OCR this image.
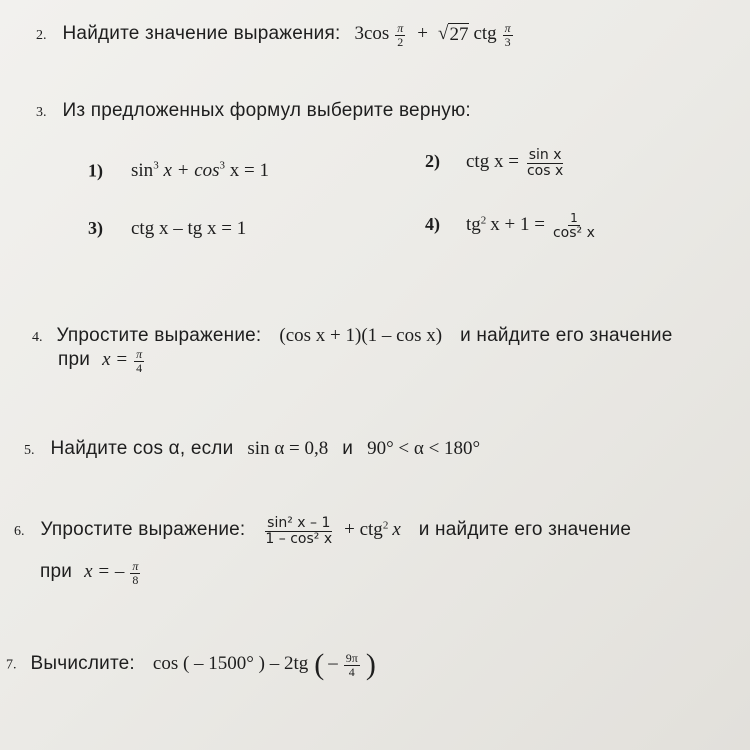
2. Найдите значение выражения: $3\cos \frac{\pi}{2}$ + √ 27 ctg $\frac{\pi}{3}$
3. Из предложенных формул выберите верную:
1) $\sin^3 x + \cos^3 x = 1$	2) ctg $x = \frac{\text{sin x}}{\text{cos x}}$
3) ctg x – tg x = 1	4) $tg^2$ $x + 1 = \frac{1}{\text{cos² x}}$
4. Упростите выражение: (cos x + 1)(1 – cos x) и найдите его значение
при $x = \frac{\pi}{4}$
5. Найдите cos α, если sin α = 0,8 и 90° < α < 180°
6. Упростите выражение: $\frac{\text{sin² x – 1}}{\text{1 – cos² x}} + ctg^2$ x и найдите его значение
при x = – $\frac{\pi}{8}$
7. Вычислите: cos ( – 1500° ) – 2tg ( – $\frac{9\pi}{4}$ )
